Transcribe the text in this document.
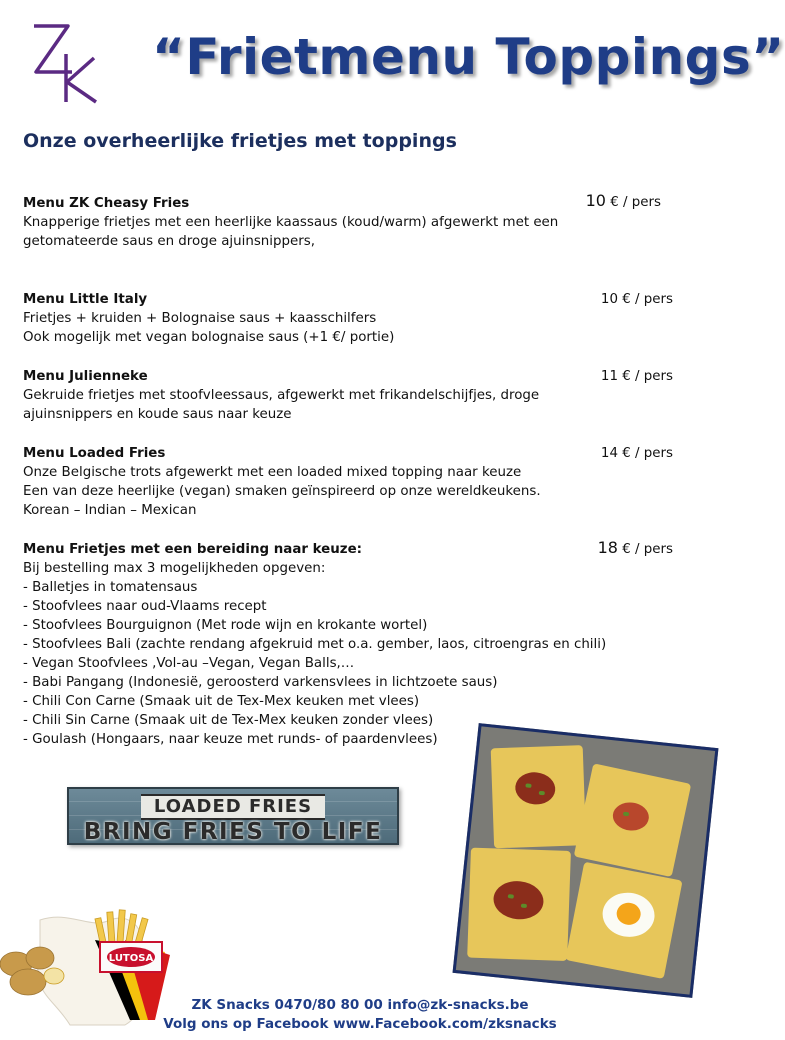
“Frietmenu Toppings”
Onze overheerlijke frietjes met toppings
Menu ZK Cheasy Fries	10 € / pers
Knapperige frietjes met een heerlijke kaassaus (koud/warm) afgewerkt met een
getomateerde saus en droge ajuinsnippers,
Menu Little Italy	10 € / pers
Frietjes + kruiden + Bolognaise saus + kaasschilfers
Ook mogelijk met vegan bolognaise saus (+1 €/ portie)
Menu Julienneke	11 € / pers
Gekruide frietjes met stoofvleessaus, afgewerkt met frikandelschijfjes, droge
ajuinsnippers en koude saus naar keuze
Menu Loaded Fries	14 € / pers
Onze Belgische trots afgewerkt met een loaded mixed topping naar keuze
Een van deze heerlijke (vegan) smaken geïnspireerd op onze wereldkeukens.
Korean – Indian – Mexican
Menu Frietjes met een bereiding naar keuze:	18 € / pers
Bij bestelling max 3 mogelijkheden opgeven:
- Balletjes in tomatensaus
- Stoofvlees naar oud-Vlaams recept
- Stoofvlees Bourguignon (Met rode wijn en krokante wortel)
- Stoofvlees Bali (zachte rendang afgekruid met o.a. gember, laos, citroengras en chili)
- Vegan Stoofvlees ,Vol-au –Vegan, Vegan Balls,…
- Babi Pangang (Indonesië, geroosterd varkensvlees in lichtzoete saus)
- Chili Con Carne (Smaak uit de Tex-Mex keuken met vlees)
- Chili Sin Carne (Smaak uit de Tex-Mex keuken zonder vlees)
- Goulash (Hongaars, naar keuze met runds- of paardenvlees)
LOADED FRIES
BRING FRIES TO LIFE
LUTOSA
ZK Snacks 0470/80 80 00 info@zk-snacks.be
Volg ons op Facebook www.Facebook.com/zksnacks
